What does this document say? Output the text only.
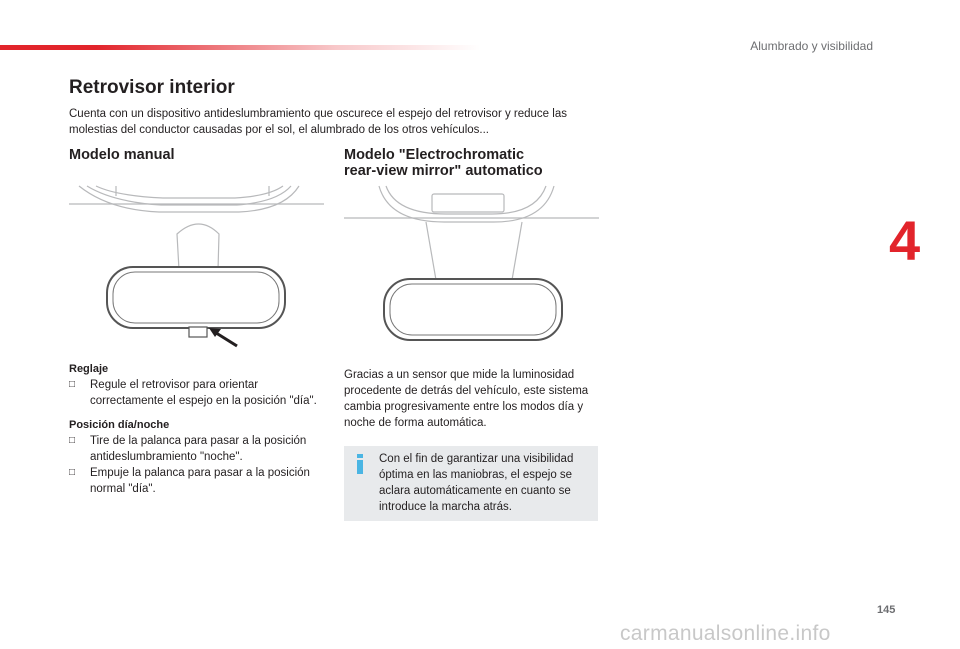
Alumbrado y visibilidad
4
Retrovisor interior

Cuenta con un dispositivo antideslumbramiento que oscurece el espejo del retrovisor y reduce las molestias del conductor causadas por el sol, el alumbrado de los otros vehículos...

Modelo manual	Modelo "Electrochromatic
rear-view mirror" automatico
Reglaje
□ Regule el retrovisor para orientar correctamente el espejo en la posición "día".
Posición día/noche
□ Tire de la palanca para pasar a la posición antideslumbramiento "noche".
□ Empuje la palanca para pasar a la posición normal "día".

Gracias a un sensor que mide la luminosidad procedente de detrás del vehículo, este sistema cambia progresivamente entre los modos día y noche de forma automática.

Con el fin de garantizar una visibilidad óptima en las maniobras, el espejo se aclara automáticamente en cuanto se introduce la marcha atrás.

145
carmanualsonline.info
